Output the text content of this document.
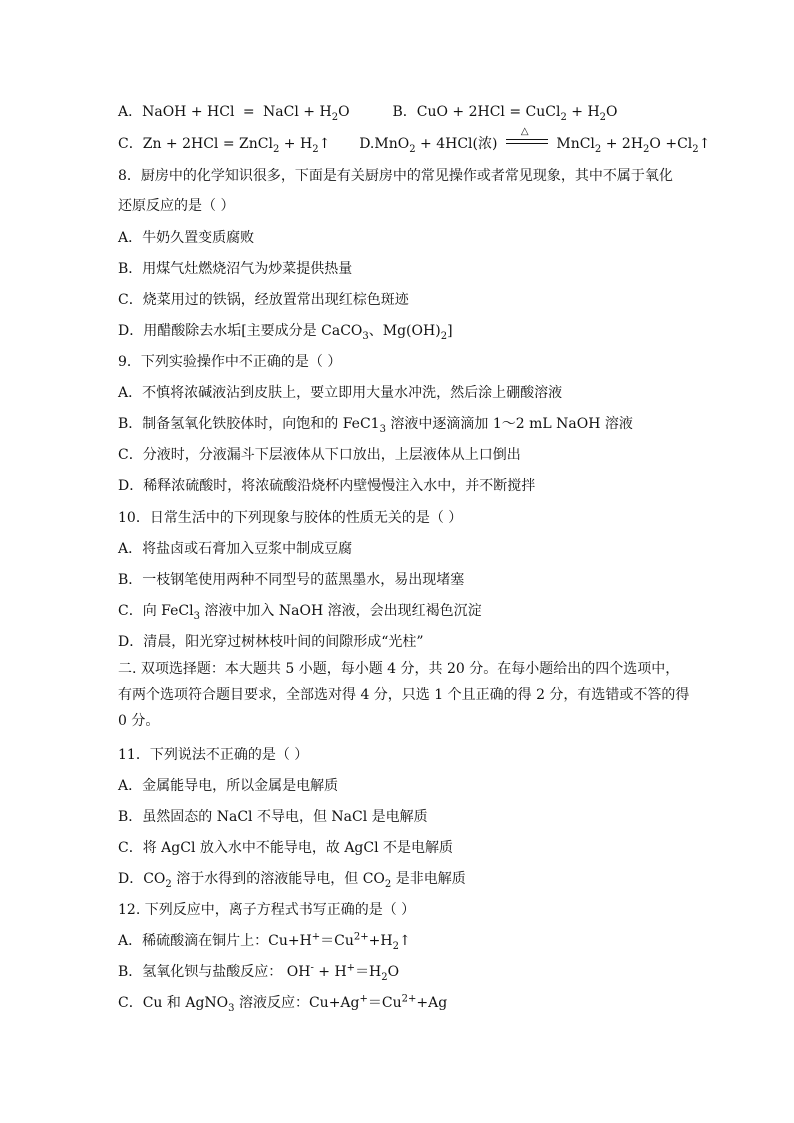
A．NaOH + HCl = NaCl + $H_2O$	B．CuO + 2HCl = CuCl$_2$ + $H_2O$
C．Zn + 2HCl = ZnCl$_2$ + $H_2↑$ D.MnO$_2$ + 4HCl(浓)
△
MnCl$_2$ + $2H_2O$ $+Cl_2↑$
8．厨房中的化学知识很多，下面是有关厨房中的常见操作或者常见现象，其中不属于氧化
还原反应的是（ ）
A．牛奶久置变质腐败
B．用煤气灶燃烧沼气为炒菜提供热量
C．烧菜用过的铁锅，经放置常出现红棕色斑迹
D．用醋酸除去水垢[主要成分是 CaCO$_3$、$Mg(OH)_2$]
9．下列实验操作中不正确的是（ ）
A．不慎将浓碱液沾到皮肤上，要立即用大量水冲洗，然后涂上硼酸溶液
B．制备氢氧化铁胶体时，向饱和的 $FeC1_3$ 溶液中逐滴滴加 1～2 mL NaOH 溶液
C．分液时，分液漏斗下层液体从下口放出，上层液体从上口倒出
D．稀释浓硫酸时，将浓硫酸沿烧杯内壁慢慢注入水中，并不断搅拌
10．日常生活中的下列现象与胶体的性质无关的是（ ）
A．将盐卤或石膏加入豆浆中制成豆腐
B．一枝钢笔使用两种不同型号的蓝黑墨水，易出现堵塞
C．向 FeCl$_3$ 溶液中加入 NaOH 溶液，会出现红褐色沉淀
D．清晨，阳光穿过树林枝叶间的间隙形成“光柱”
二. 双项选择题：本大题共 5 小题，每小题 4 分，共 20 分。在每小题给出的四个选项中，
有两个选项符合题目要求，全部选对得 4 分，只选 1 个且正确的得 2 分，有选错或不答的得
0 分。
11．下列说法不正确的是（ ）
A．金属能导电，所以金属是电解质
B．虽然固态的 NaCl 不导电，但 NaCl 是电解质
C．将 AgCl 放入水中不能导电，故 AgCl 不是电解质
D．$CO_2$ 溶于水得到的溶液能导电，但 $CO_2$ 是非电解质
12. 下列反应中，离子方程式书写正确的是（ ）
A．稀硫酸滴在铜片上：$Cu+H^+=Cu^{2+}+H_2↑$
B．氢氧化钡与盐酸反应： $OH^- + H^+=H_2O$
C．Cu 和 AgNO$_3$ 溶液反应：$Cu+Ag^+=Cu^{2+}+Ag$
